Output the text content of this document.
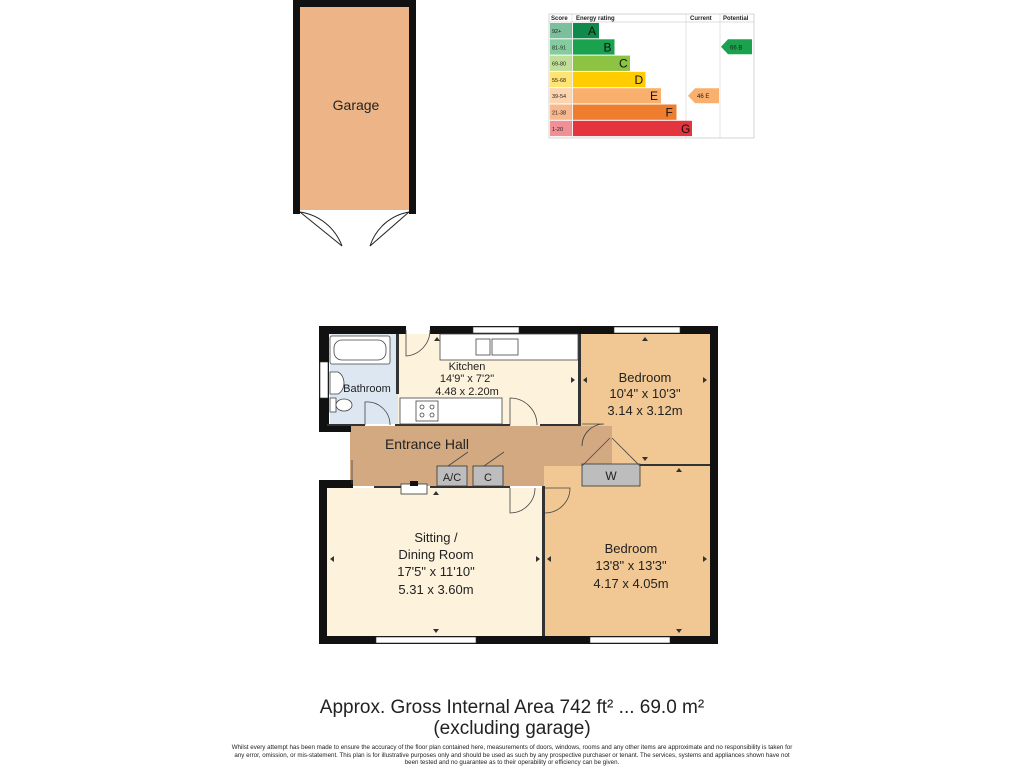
Garage
Score Energy rating	Current Potential
92+ A
81-91	B
69-80	C
55-68	D
39-54	E
21-38	F
1-20	G
46 E
66 B
Kitchen
14'9" x 7'2"
4.48 x 2.20m
Bathroom
Bedroom
10'4" x 10'3"
3.14 x 3.12m
Entrance Hall
A/C C	W
Sitting /
Dining Room
17'5" x 11'10"
5.31 x 3.60m
Bedroom
13'8" x 13'3"
4.17 x 4.05m
Approx. Gross Internal Area 742 ft² ... 69.0 m²
(excluding garage)
Whilst every attempt has been made to ensure the accuracy of the floor plan contained here, measurements of doors, windows, rooms and any other items are approximate and no responsibility is taken for any error, omission, or mis-statement. This plan is for illustrative purposes only and should be used as such by any prospective purchaser or tenant. The services, systems and appliances shown have not been tested and no guarantee as to their operability or efficiency can be given.
